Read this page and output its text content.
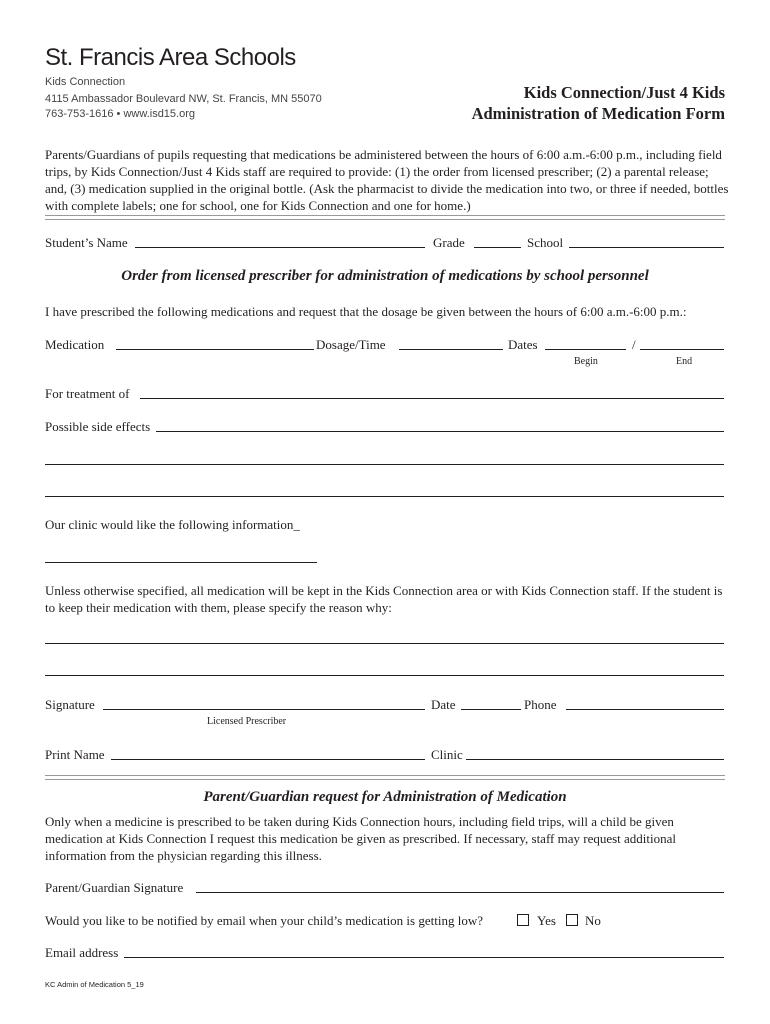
St. Francis Area Schools
Kids Connection
4115 Ambassador Boulevard NW, St. Francis, MN 55070
763-753-1616 • www.isd15.org
Kids Connection/Just 4 Kids
Administration of Medication Form
Parents/Guardians of pupils requesting that medications be administered between the hours of 6:00 a.m.-6:00 p.m., including field trips, by Kids Connection/Just 4 Kids staff are required to provide: (1) the order from licensed prescriber; (2) a parental release; and, (3) medication supplied in the original bottle. (Ask the pharmacist to divide the medication into two, or three if needed, bottles with complete labels; one for school, one for Kids Connection and one for home.)
Student’s Name	Grade	School
Order from licensed prescriber for administration of medications by school personnel
I have prescribed the following medications and request that the dosage be given between the hours of 6:00 a.m.-6:00 p.m.:
Medication	Dosage/Time	Dates	/
Begin	End
For treatment of
Possible side effects
Our clinic would like the following information_
Unless otherwise specified, all medication will be kept in the Kids Connection area or with Kids Connection staff. If the student is to keep their medication with them, please specify the reason why:
Signature	Date	Phone
Licensed Prescriber
Print Name	Clinic
Parent/Guardian request for Administration of Medication
Only when a medicine is prescribed to be taken during Kids Connection hours, including field trips, will a child be given medication at Kids Connection I request this medication be given as prescribed. If necessary, staff may request additional information from the physician regarding this illness.
Parent/Guardian Signature
Would you like to be notified by email when your child’s medication is getting low?	Yes No
Email address
KC Admin of Medication 5_19
